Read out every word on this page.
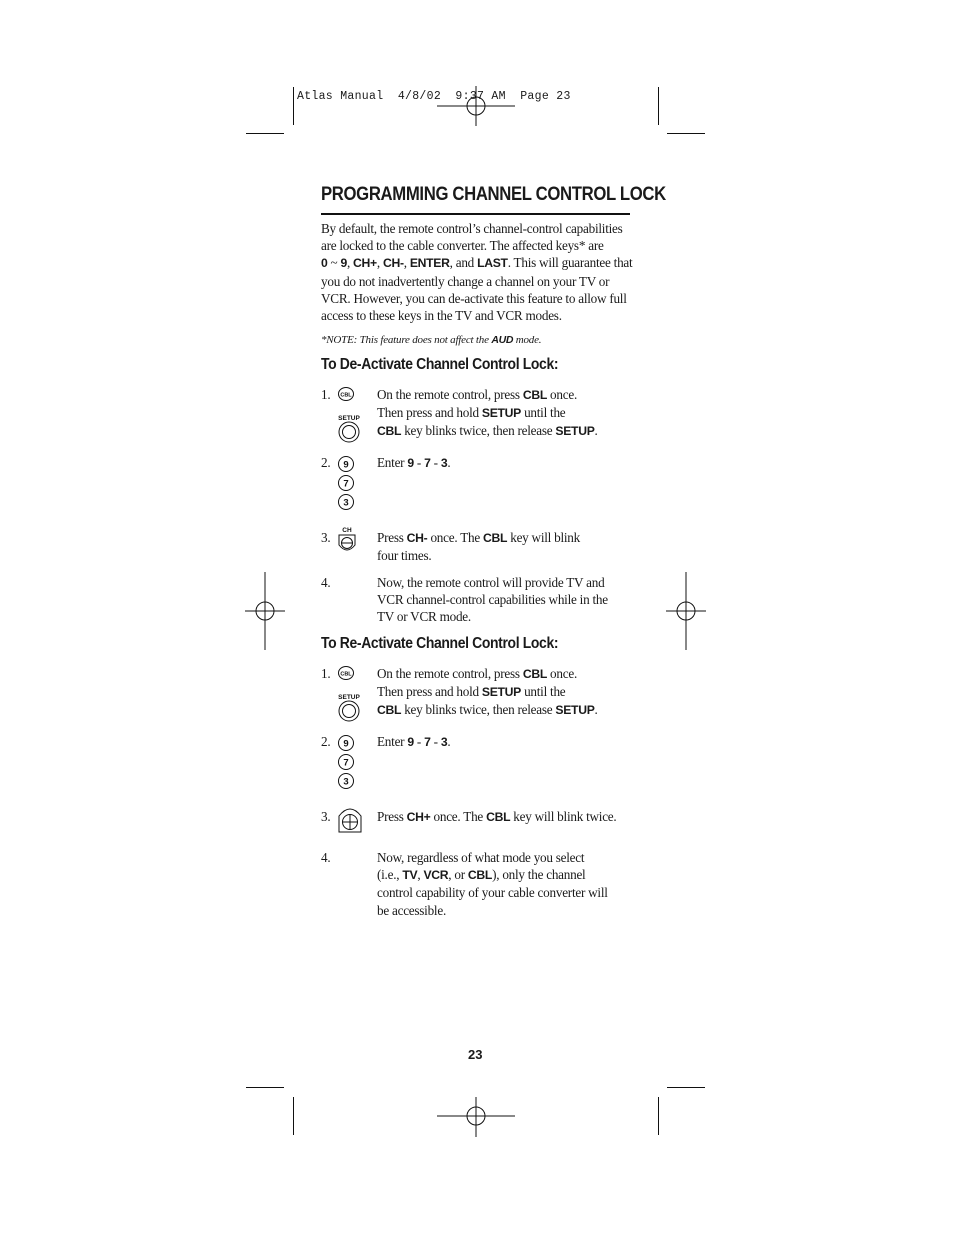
Atlas Manual  4/8/02  9:37 AM  Page 23
PROGRAMMING CHANNEL CONTROL LOCK
By default, the remote control’s channel-control capabilities
are locked to the cable converter. The affected keys* are
0 ~ 9, CH+, CH-, ENTER, and LAST. This will guarantee that
you do not inadvertently change a channel on your TV or
VCR. However, you can de-activate this feature to allow full
access to these keys in the TV and VCR modes.
*NOTE: This feature does not affect the AUD mode.
To De-Activate Channel Control Lock:
1. CBL
SETUP
On the remote control, press CBL once.
Then press and hold SETUP until the
CBL key blinks twice, then release SETUP.
2. 9
7
3
Enter 9 - 7 - 3.
3. CH Press CH- once. The CBL key will blink
four times.
4.	Now, the remote control will provide TV and
VCR channel-control capabilities while in the
TV or VCR mode.
To Re-Activate Channel Control Lock:
1. CBL
SETUP
On the remote control, press CBL once.
Then press and hold SETUP until the
CBL key blinks twice, then release SETUP.
2. 9
7
3
Enter 9 - 7 - 3.
3.	Press CH+ once. The CBL key will blink twice.
4.	Now, regardless of what mode you select
(i.e., TV, VCR, or CBL), only the channel
control capability of your cable converter will
be accessible.
23
